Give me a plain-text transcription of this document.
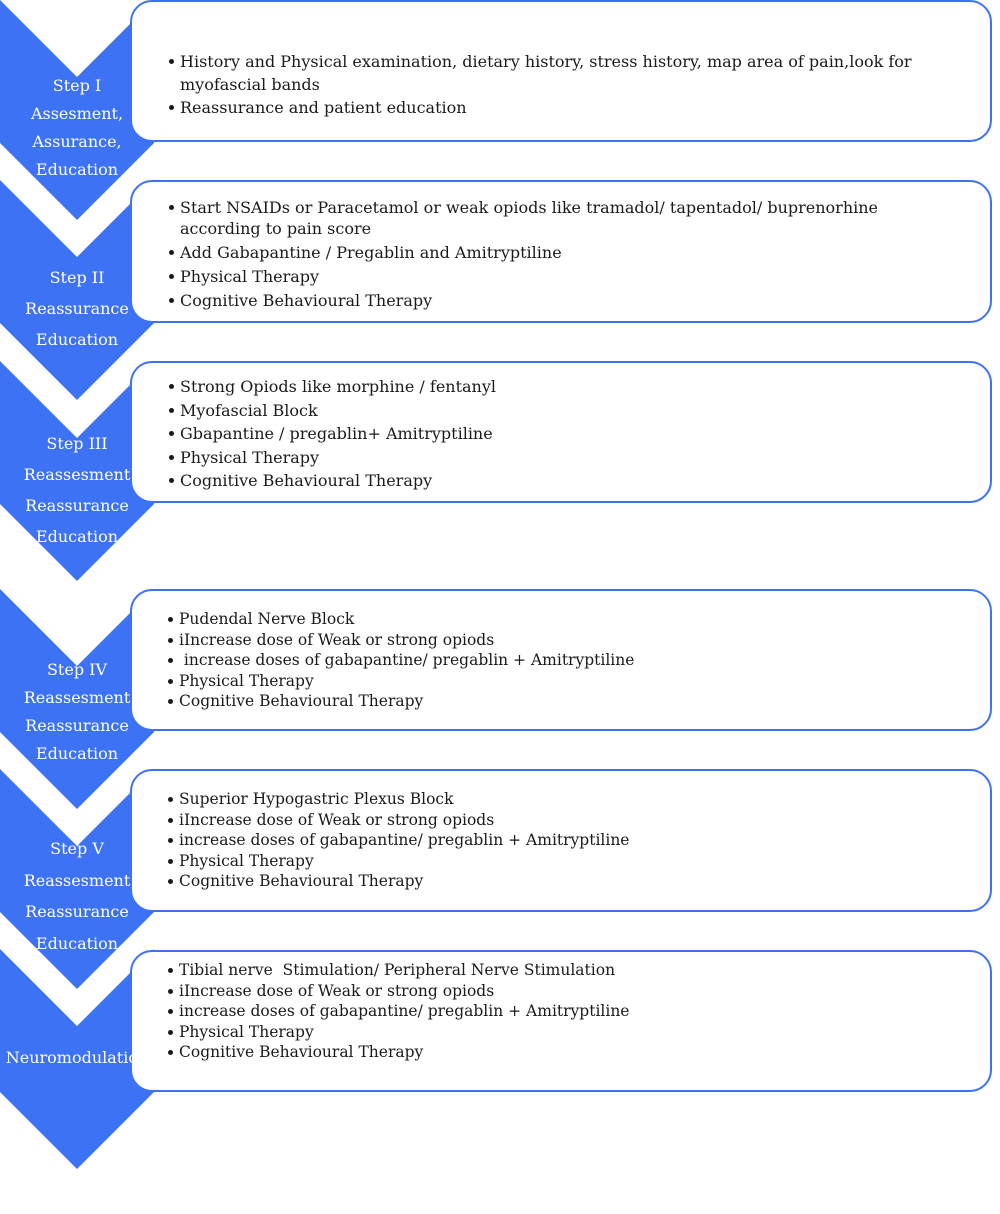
History and Physical examination, dietary history, stress history, map area of pain,look for myofascial bands
Reassurance and patient education
Step I
Assesment,
Assurance,
Education
Start NSAIDs or Paracetamol or weak opiods like tramadol/ tapentadol/ buprenorhine according to pain score
Add Gabapantine / Pregablin and Amitryptiline
Physical Therapy
Cognitive Behavioural Therapy
Step II
Reassurance
Education
Strong Opiods like morphine / fentanyl
Myofascial Block
Gbapantine / pregablin+ Amitryptiline
Physical Therapy
Cognitive Behavioural Therapy
Step III
Reassesment
Reassurance
Education
Pudendal Nerve Block
iIncrease dose of Weak or strong opiods
increase doses of gabapantine/ pregablin + Amitryptiline
Physical Therapy
Cognitive Behavioural Therapy
Step IV
Reassesment
Reassurance
Education
Superior Hypogastric Plexus Block
iIncrease dose of Weak or strong opiods
increase doses of gabapantine/ pregablin + Amitryptiline
Physical Therapy
Cognitive Behavioural Therapy
Step V
Reassesment
Reassurance
Education
Tibial nerve  Stimulation/ Peripheral Nerve Stimulation
iIncrease dose of Weak or strong opiods
increase doses of gabapantine/ pregablin + Amitryptiline
Physical Therapy
Cognitive Behavioural Therapy
Neuromodulation
